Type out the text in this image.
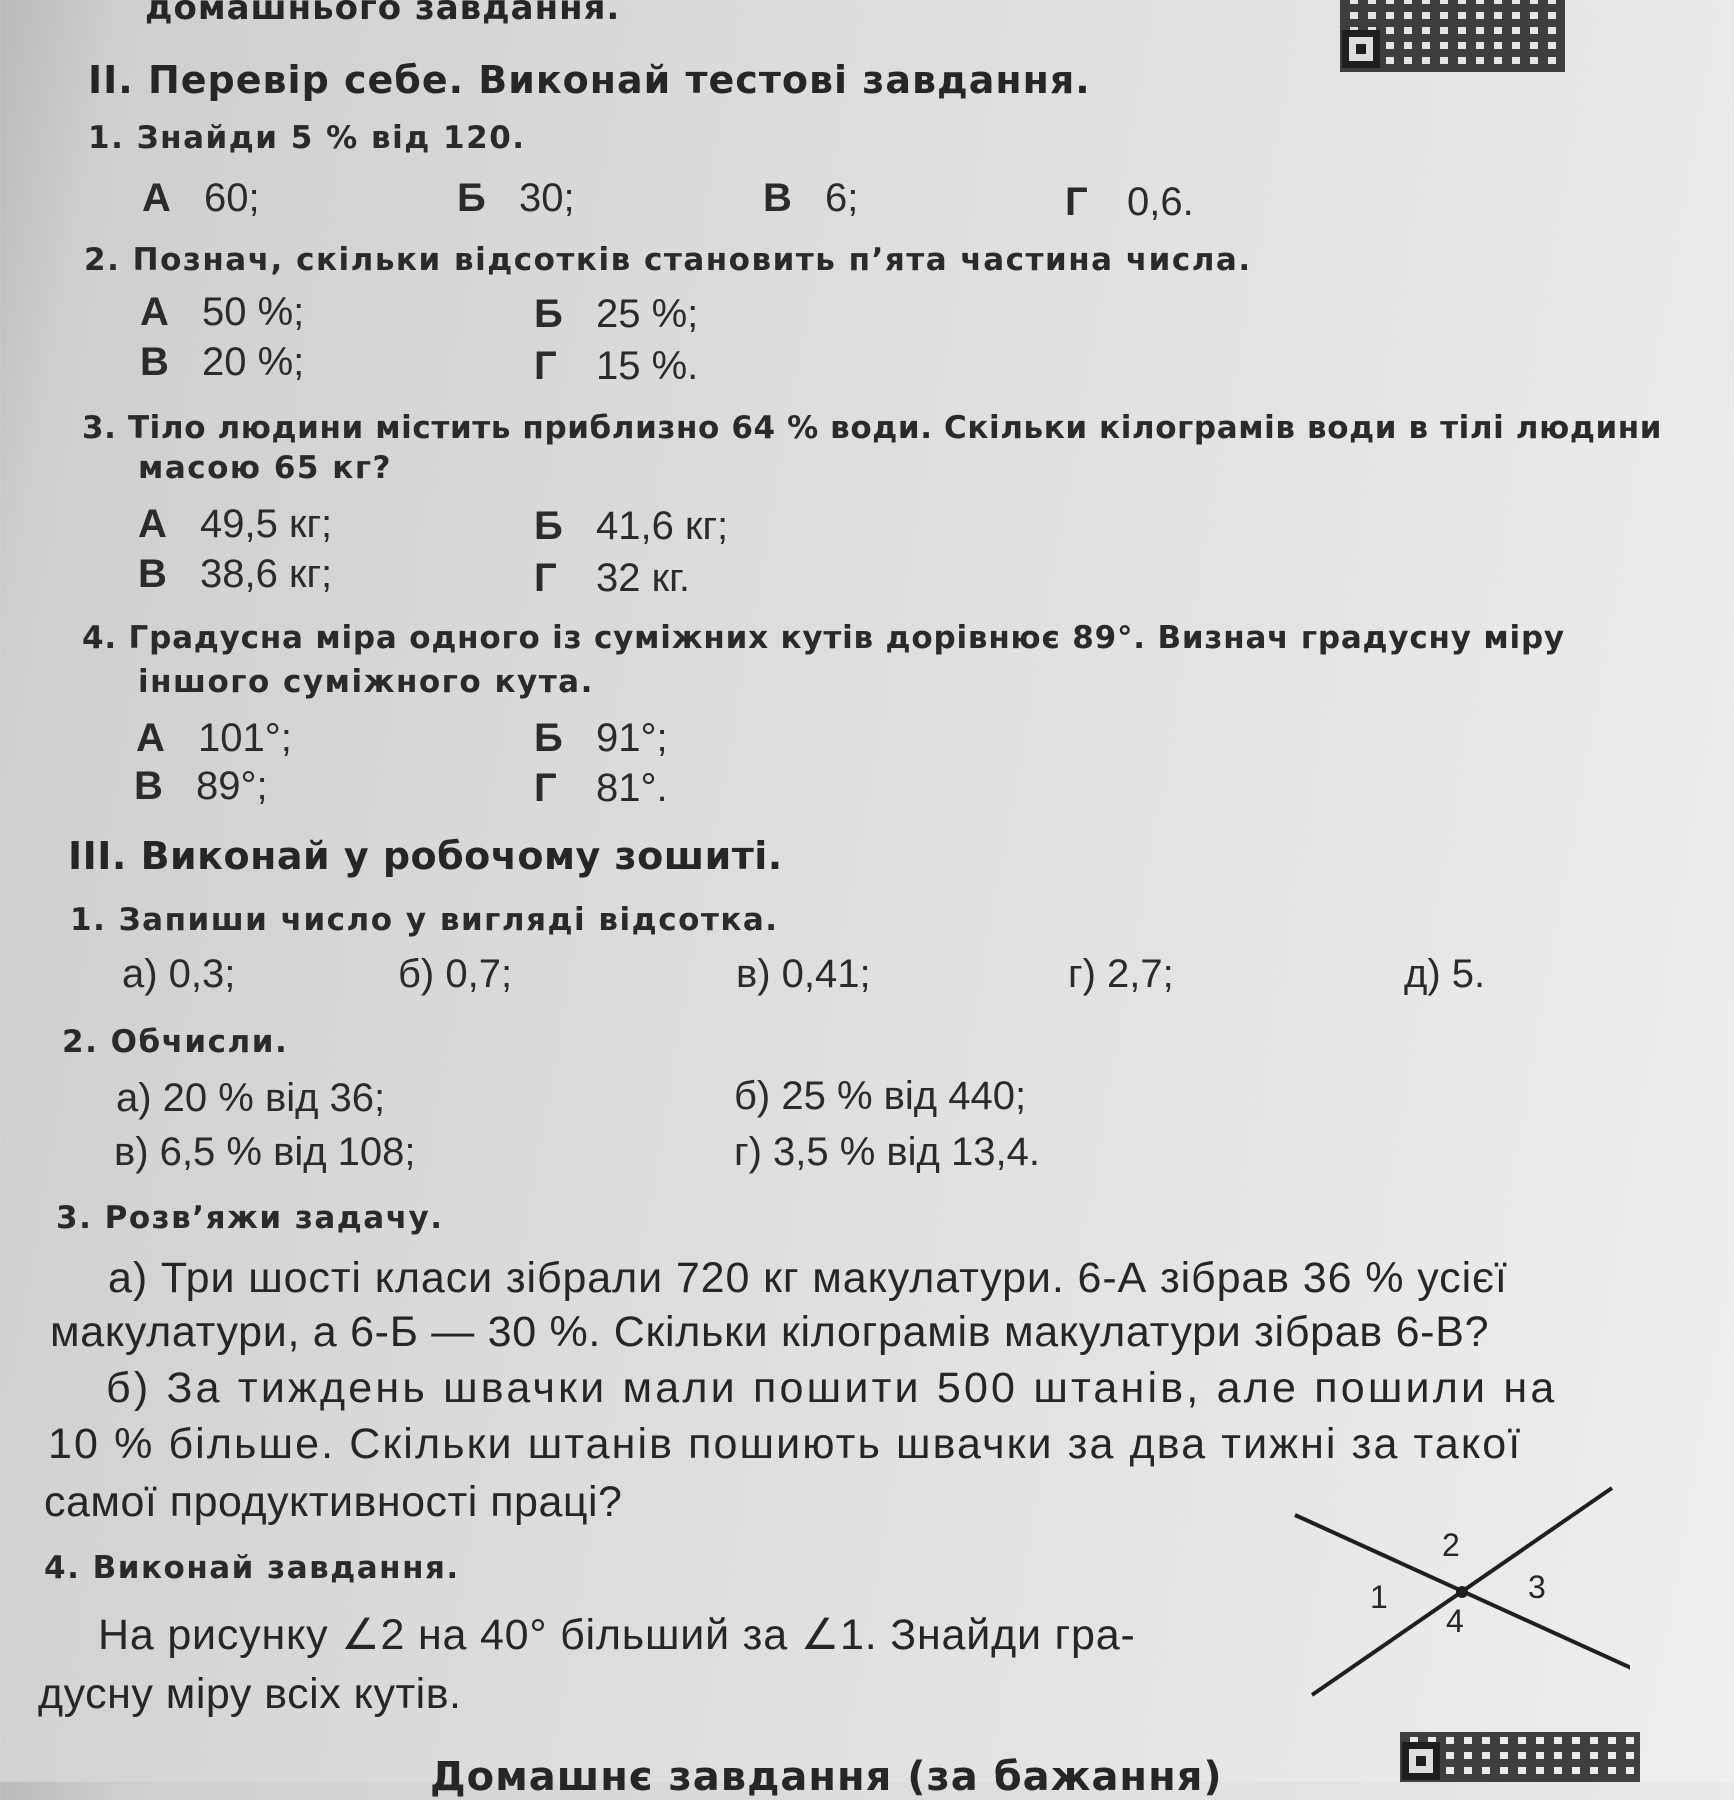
домашнього завдання.
II. Перевір себе. Виконай тестові завдання.
1. Знайди 5 % від 120.
А 60;	Б 30;	В 6;	Г 0,6.
2. Познач, скільки відсотків становить п’ята частина числа.
А 50 %;	Б 25 %;
В 20 %;	Г 15 %.
3. Тіло людини містить приблизно 64 % води. Скільки кілограмів води в тілі людини
масою 65 кг?
А 49,5 кг;	Б 41,6 кг;
В 38,6 кг;	Г 32 кг.
4. Градусна міра одного із суміжних кутів дорівнює 89°. Визнач градусну міру
іншого суміжного кута.
А 101°;	Б 91°;
В 89°;	Г 81°.
III. Виконай у робочому зошиті.
1. Запиши число у вигляді відсотка.
а) 0,3;	б) 0,7;	в) 0,41;	г) 2,7;	д) 5.
2. Обчисли.
а) 20 % від 36;	б) 25 % від 440;
в) 6,5 % від 108;	г) 3,5 % від 13,4.
3. Розв’яжи задачу.
а) Три шості класи зібрали 720 кг макулатури. 6-А зібрав 36 % усієї
макулатури, а 6-Б — 30 %. Скільки кілограмів макулатури зібрав 6-В?
б) За тиждень швачки мали пошити 500 штанів, але пошили на
10 % більше. Скільки штанів пошиють швачки за два тижні за такої
самої продуктивності праці?
4. Виконай завдання.
На рисунку ∠2 на 40° більший за ∠1. Знайди гра-
дусну міру всіх кутів.
1
2
3
4
Домашнє завдання (за бажання)
